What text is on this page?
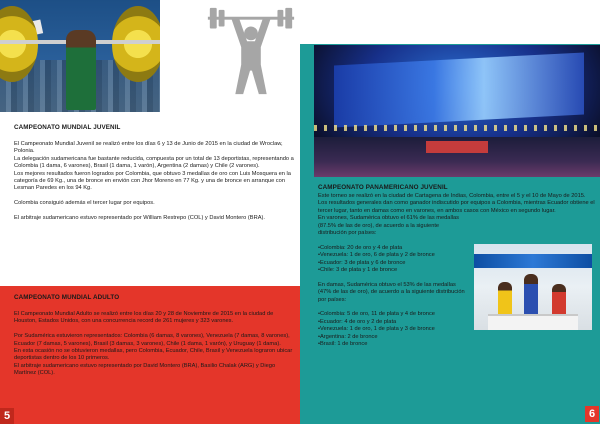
CAMPEONATO MUNDIAL JUVENIL
El Campeonato Mundial Juvenil se realizó entre los días 6 y 13 de Junio de 2015 en la ciudad de Wroclaw, Polonia.
La delegación sudamericana fue bastante reducida, compuesta por un total de 13 deportistas, representando a Colombia (1 dama, 6 varones), Brasil (1 dama, 1 varón), Argentina (2 damas) y Chile (2 varones).
Los mejores resultados fueron logrados por Colombia, que obtuvo 3 medallas de oro con Luis Mosquera en la categoría de 69 Kg., una de bronce en envión con Jhor Moreno en 77 Kg. y una de bronce en arranque con Lesman Paredes en los 94 Kg.
Colombia consiguió además el tercer lugar por equipos.
El arbitraje sudamericano estuvo representado por William Restrepo (COL) y David Montero (BRA).
CAMPEONATO MUNDIAL ADULTO
El Campeonato Mundial Adulto se realizó entre los días 20 y 28 de Noviembre de 2015 en la ciudad de Houston, Estados Unidos, con una concurrencia record de 261 mujeres y 323 varones.
Por Sudamérica estuvieron representados: Colombia (6 damas, 8 varones), Venezuela (7 damas, 8 varones), Ecuador (7 damas, 5 varones), Brasil (3 damas, 3 varones), Chile (1 dama, 1 varón), y Uruguay (1 dama).
En esta ocasión no se obtuvieron medallas, pero Colombia, Ecuador, Chile, Brasil y Venezuela lograron ubicar deportistas dentro de los 10 primeros.
El arbitraje sudamericano estuvo representado por David Montero (BRA), Basilio Chalak (ARG) y Diego Martínez (COL).
5
CAMPEONATO PANAMERICANO JUVENIL
Este torneo se realizó en la ciudad de Cartagena de Indias, Colombia, entre el 5 y el 10 de Mayo de 2015.
Los resultados generales dan como ganador indiscutido por equipos a Colombia, mientras Ecuador obtiene el tercer lugar, tanto en damas como en varones, en ambos casos con México en segundo lugar.
En varones, Sudamérica obtuvo el 61% de las medallas (87.5% de las de oro), de acuerdo a la siguiente distribución por países:
•Colombia: 20 de oro y 4 de plata
•Venezuela: 1 de oro, 6 de plata y 2 de bronce
•Ecuador: 3 de plata y 6 de bronce
•Chile: 3 de plata y 1 de bronce
En damas, Sudamérica obtuvo el 53% de las medallas (47% de las de oro), de acuerdo a la siguiente distribución por países:
•Colombia: 5 de oro, 11 de plata y 4 de bronce
•Ecuador: 4 de oro y 2 de plata
•Venezuela: 1 de oro, 1 de plata y 3 de bronce
•Argentina: 2 de bronce
•Brasil: 1 de bronce
6
